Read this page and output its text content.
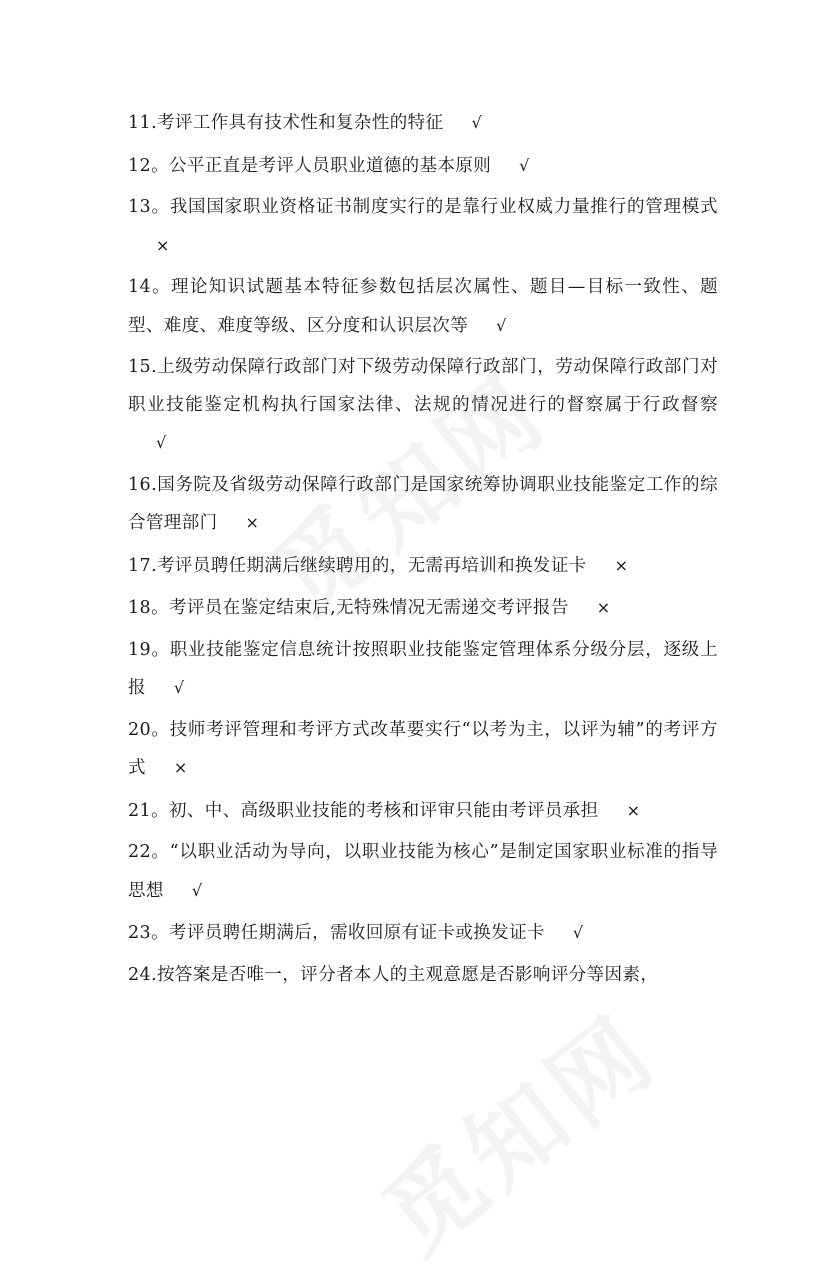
11.考评工作具有技术性和复杂性的特征 √

12。公平正直是考评人员职业道德的基本原则 √

13。我国国家职业资格证书制度实行的是靠行业权威力量推行的管理模式×

14。理论知识试题基本特征参数包括层次属性、题目—目标一致性、题型、难度、难度等级、区分度和认识层次等 √

15.上级劳动保障行政部门对下级劳动保障行政部门，劳动保障行政部门对职业技能鉴定机构执行国家法律、法规的情况进行的督察属于行政督察√

16.国务院及省级劳动保障行政部门是国家统筹协调职业技能鉴定工作的综合管理部门 ×

17.考评员聘任期满后继续聘用的，无需再培训和换发证卡 ×

18。考评员在鉴定结束后,无特殊情况无需递交考评报告 ×

19。职业技能鉴定信息统计按照职业技能鉴定管理体系分级分层，逐级上报 √

20。技师考评管理和考评方式改革要实行“以考为主，以评为辅”的考评方式 ×

21。初、中、高级职业技能的考核和评审只能由考评员承担 ×

22。“以职业活动为导向，以职业技能为核心”是制定国家职业标准的指导思想 √

23。考评员聘任期满后，需收回原有证卡或换发证卡 √

24.按答案是否唯一，评分者本人的主观意愿是否影响评分等因素，
